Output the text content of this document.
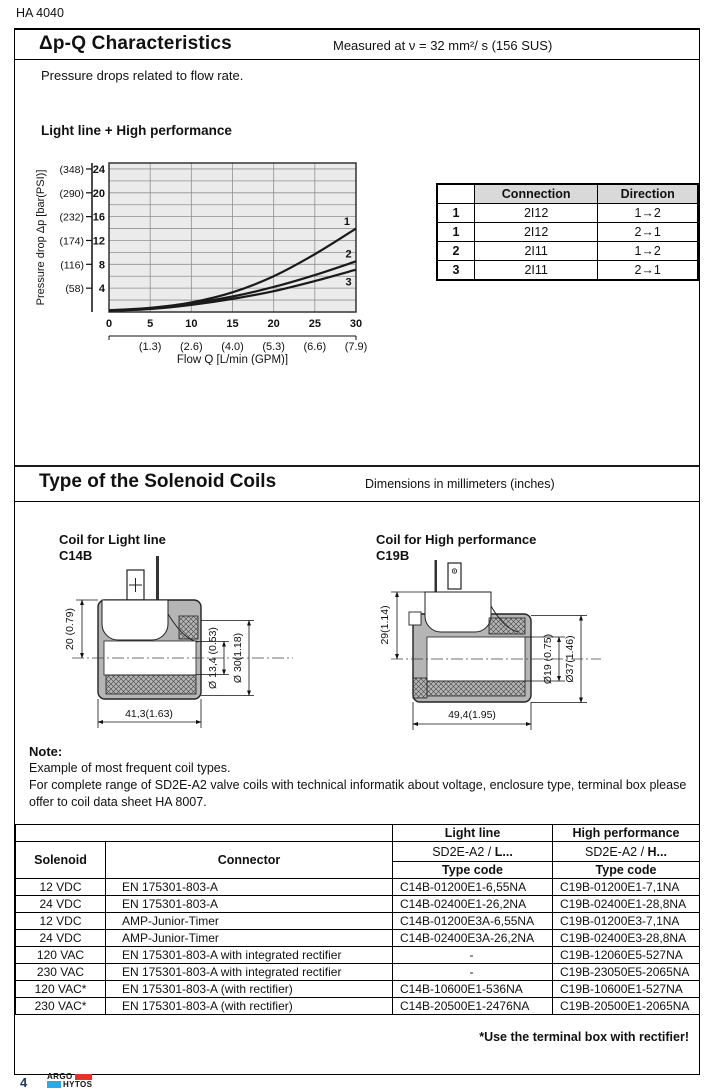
HA 4040
Δp-Q Characteristics	Measured at ν = 32 mm²/ s (156 SUS)
Pressure drops related to flow rate.
Light line + High performance
(348) 24
(290) 20
(232) 16
(174) 12
(116) 8
(58) 4
0	5	10	15	20	25	30
(1.3) (2.6) (4.0) (5.3) (6.6) (7.9)
Flow Q [L/min (GPM)]
Pressure drop Δp [bar(PSI)]	1
2
3
	Connection	Direction
1	2I12	1→2
1	2I12	2→1
2	2I11	1→2
3	2I11	2→1
Type of the Solenoid Coils	Dimensions in millimeters (inches)
Coil for Light line
C14B
Coil for High performance
C19B
20 (0.79)	Ø 13,4 (0.53) Ø 30(1.18)
41,3(1.63)
29(1.14)
Ø19 (0.75) Ø37(1.46)
49,4(1.95)
Note:
Example of most frequent coil types.
For complete range of SD2E-A2 valve coils with technical informatik about voltage, enclosure type, terminal box please
offer to coil data sheet HA 8007.
		Light line	High performance
Solenoid	Connector	SD2E-A2 / L...	SD2E-A2 / H...
		Type code	Type code
12 VDC	EN 175301-803-A	C14B-01200E1-6,55NA	C19B-01200E1-7,1NA
24 VDC	EN 175301-803-A	C14B-02400E1-26,2NA	C19B-02400E1-28,8NA
12 VDC	AMP-Junior-Timer	C14B-01200E3A-6,55NA	C19B-01200E3-7,1NA
24 VDC	AMP-Junior-Timer	C14B-02400E3A-26,2NA	C19B-02400E3-28,8NA
120 VAC	EN 175301-803-A with integrated rectifier	-	C19B-12060E5-527NA
230 VAC	EN 175301-803-A with integrated rectifier	-	C19B-23050E5-2065NA
120 VAC*	EN 175301-803-A (with rectifier)	C14B-10600E1-536NA	C19B-10600E1-527NA
230 VAC*	EN 175301-803-A (with rectifier)	C14B-20500E1-2476NA	C19B-20500E1-2065NA
*Use the terminal box with rectifier!
4 ARGO
HYTOS
